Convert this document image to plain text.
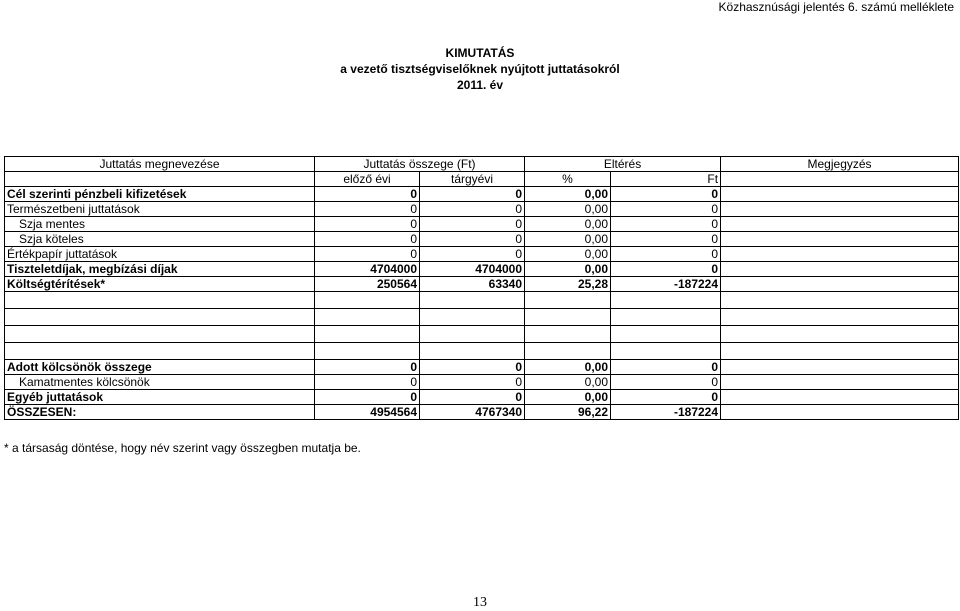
Közhasznúsági jelentés 6. számú melléklete
KIMUTATÁS
a vezető tisztségviselőknek nyújtott juttatásokról
2011. év
Juttatás megnevezése	Juttatás összege (Ft)		Eltérés		Megjegyzés
	előző évi	tárgyévi	%	Ft	
Cél szerinti pénzbeli kifizetések	0	0	0,00	0	
Természetbeni juttatások	0	0	0,00	0	
Szja mentes	0	0	0,00	0	
Szja köteles	0	0	0,00	0	
Értékpapír juttatások	0	0	0,00	0	
Tiszteletdíjak, megbízási díjak	4704000	4704000	0,00	0	
Költségtérítések*	250564	63340	25,28	-187224	

Adott kölcsönök összege	0	0	0,00	0	
Kamatmentes kölcsönök	0	0	0,00	0	
Egyéb juttatások	0	0	0,00	0	
ÖSSZESEN:	4954564	4767340	96,22	-187224	
* a társaság döntése, hogy név szerint vagy összegben mutatja be.
13
